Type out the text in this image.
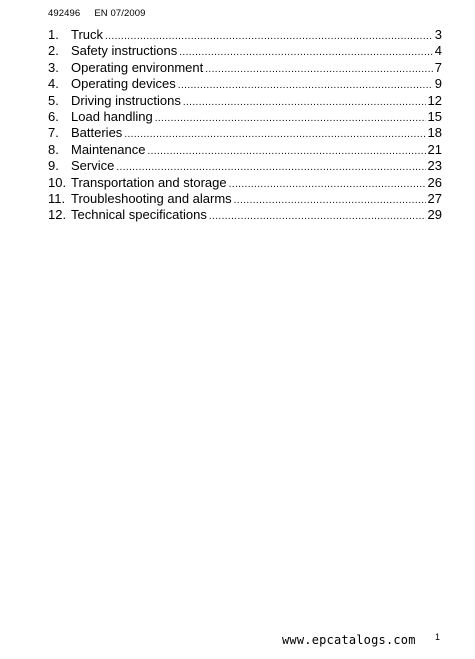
492496 EN 07/2009
1. Truck .....	3
2. Safety instructions .....	4
3. Operating environment .....	7
4. Operating devices .....	9
5. Driving instructions .....	12
6. Load handling .....	15
7. Batteries .....	18
8. Maintenance .....	21
9. Service .....	23
10. Transportation and storage .....	26
11. Troubleshooting and alarms .....	27
12. Technical specifications .....	29
www.epcatalogs.com 1
